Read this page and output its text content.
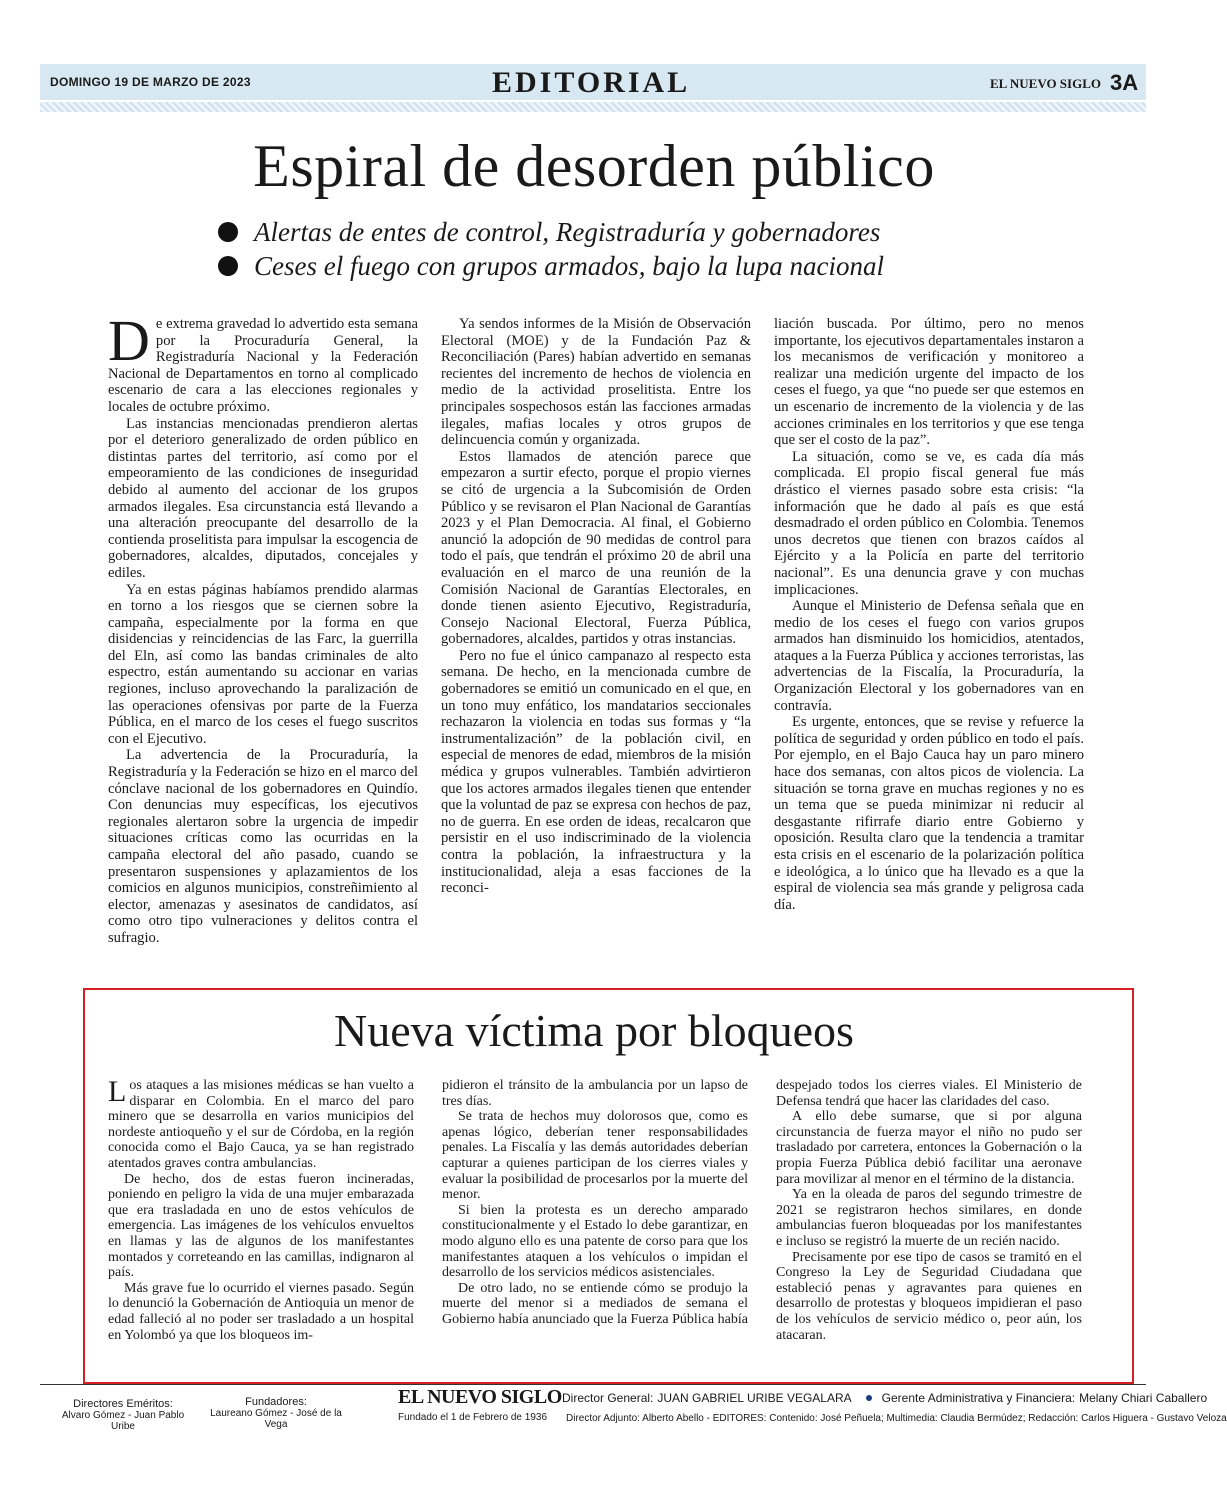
DOMINGO 19 DE MARZO DE 2023	EDITORIAL	EL NUEVO SIGLO 3A
Espiral de desorden público
Alertas de entes de control, Registraduría y gobernadores
Ceses el fuego con grupos armados, bajo la lupa nacional

De extrema gravedad lo advertido esta semana por la Procuraduría General, la Registraduría Nacional y la Federación Nacional de Departamentos en torno al complicado escenario de cara a las elecciones regionales y locales de octubre próximo.

Las instancias mencionadas prendieron alertas por el deterioro generalizado de orden público en distintas partes del territorio, así como por el empeoramiento de las condiciones de inseguridad debido al aumento del accionar de los grupos armados ilegales. Esa circunstancia está llevando a una alteración preocupante del desarrollo de la contienda proselitista para impulsar la escogencia de gobernadores, alcaldes, diputados, concejales y ediles.

Ya en estas páginas habíamos prendido alarmas en torno a los riesgos que se ciernen sobre la campaña, especialmente por la forma en que disidencias y reincidencias de las Farc, la guerrilla del Eln, así como las bandas criminales de alto espectro, están aumentando su accionar en varias regiones, incluso aprovechando la paralización de las operaciones ofensivas por parte de la Fuerza Pública, en el marco de los ceses el fuego suscritos con el Ejecutivo.

La advertencia de la Procuraduría, la Registraduría y la Federación se hizo en el marco del cónclave nacional de los gobernadores en Quindío. Con denuncias muy específicas, los ejecutivos regionales alertaron sobre la urgencia de impedir situaciones críticas como las ocurridas en la campaña electoral del año pasado, cuando se presentaron suspensiones y aplazamientos de los comicios en algunos municipios, constreñimiento al elector, amenazas y asesinatos de candidatos, así como otro tipo vulneraciones y delitos contra el sufragio.

Ya sendos informes de la Misión de Observación Electoral (MOE) y de la Fundación Paz & Reconciliación (Pares) habían advertido en semanas recientes del incremento de hechos de violencia en medio de la actividad proselitista. Entre los principales sospechosos están las facciones armadas ilegales, mafias locales y otros grupos de delincuencia común y organizada.

Estos llamados de atención parece que empezaron a surtir efecto, porque el propio viernes se citó de urgencia a la Subcomisión de Orden Público y se revisaron el Plan Nacional de Garantías 2023 y el Plan Democracia. Al final, el Gobierno anunció la adopción de 90 medidas de control para todo el país, que tendrán el próximo 20 de abril una evaluación en el marco de una reunión de la Comisión Nacional de Garantías Electorales, en donde tienen asiento Ejecutivo, Registraduría, Consejo Nacional Electoral, Fuerza Pública, gobernadores, alcaldes, partidos y otras instancias.

Pero no fue el único campanazo al respecto esta semana. De hecho, en la mencionada cumbre de gobernadores se emitió un comunicado en el que, en un tono muy enfático, los mandatarios seccionales rechazaron la violencia en todas sus formas y “la instrumentalización” de la población civil, en especial de menores de edad, miembros de la misión médica y grupos vulnerables. También advirtieron que los actores armados ilegales tienen que entender que la voluntad de paz se expresa con hechos de paz, no de guerra. En ese orden de ideas, recalcaron que persistir en el uso indiscriminado de la violencia contra la población, la infraestructura y la institucionalidad, aleja a esas facciones de la reconci-

liación buscada. Por último, pero no menos importante, los ejecutivos departamentales instaron a los mecanismos de verificación y monitoreo a realizar una medición urgente del impacto de los ceses el fuego, ya que “no puede ser que estemos en un escenario de incremento de la violencia y de las acciones criminales en los territorios y que ese tenga que ser el costo de la paz”.

La situación, como se ve, es cada día más complicada. El propio fiscal general fue más drástico el viernes pasado sobre esta crisis: “la información que he dado al país es que está desmadrado el orden público en Colombia. Tenemos unos decretos que tienen con brazos caídos al Ejército y a la Policía en parte del territorio nacional”. Es una denuncia grave y con muchas implicaciones.

Aunque el Ministerio de Defensa señala que en medio de los ceses el fuego con varios grupos armados han disminuido los homicidios, atentados, ataques a la Fuerza Pública y acciones terroristas, las advertencias de la Fiscalía, la Procuraduría, la Organización Electoral y los gobernadores van en contravía.

Es urgente, entonces, que se revise y refuerce la política de seguridad y orden público en todo el país. Por ejemplo, en el Bajo Cauca hay un paro minero hace dos semanas, con altos picos de violencia. La situación se torna grave en muchas regiones y no es un tema que se pueda minimizar ni reducir al desgastante rifirrafe diario entre Gobierno y oposición. Resulta claro que la tendencia a tramitar esta crisis en el escenario de la polarización política e ideológica, a lo único que ha llevado es a que la espiral de violencia sea más grande y peligrosa cada día.

Nueva víctima por bloqueos

Los ataques a las misiones médicas se han vuelto a disparar en Colombia. En el marco del paro minero que se desarrolla en varios municipios del nordeste antioqueño y el sur de Córdoba, en la región conocida como el Bajo Cauca, ya se han registrado atentados graves contra ambulancias.

De hecho, dos de estas fueron incineradas, poniendo en peligro la vida de una mujer embarazada que era trasladada en uno de estos vehículos de emergencia. Las imágenes de los vehículos envueltos en llamas y las de algunos de los manifestantes montados y correteando en las camillas, indignaron al país.

Más grave fue lo ocurrido el viernes pasado. Según lo denunció la Gobernación de Antioquia un menor de edad falleció al no poder ser trasladado a un hospital en Yolombó ya que los bloqueos im-

pidieron el tránsito de la ambulancia por un lapso de tres días.

Se trata de hechos muy dolorosos que, como es apenas lógico, deberían tener responsabilidades penales. La Fiscalía y las demás autoridades deberían capturar a quienes participan de los cierres viales y evaluar la posibilidad de procesarlos por la muerte del menor.

Si bien la protesta es un derecho amparado constitucionalmente y el Estado lo debe garantizar, en modo alguno ello es una patente de corso para que los manifestantes ataquen a los vehículos o impidan el desarrollo de los servicios médicos asistenciales.

De otro lado, no se entiende cómo se produjo la muerte del menor si a mediados de semana el Gobierno había anunciado que la Fuerza Pública había

despejado todos los cierres viales. El Ministerio de Defensa tendrá que hacer las claridades del caso.

A ello debe sumarse, que si por alguna circunstancia de fuerza mayor el niño no pudo ser trasladado por carretera, entonces la Gobernación o la propia Fuerza Pública debió facilitar una aeronave para movilizar al menor en el término de la distancia.

Ya en la oleada de paros del segundo trimestre de 2021 se registraron hechos similares, en donde ambulancias fueron bloqueadas por los manifestantes e incluso se registró la muerte de un recién nacido.

Precisamente por ese tipo de casos se tramitó en el Congreso la Ley de Seguridad Ciudadana que estableció penas y agravantes para quienes en desarrollo de protestas y bloqueos impidieran el paso de los vehículos de servicio médico o, peor aún, los atacaran.

Directores Eméritos:
Alvaro Gómez - Juan Pablo Uribe
Fundadores:
Laureano Gómez - José de la Vega
EL NUEVO SIGLO
Fundado el 1 de Febrero de 1936
Director General: JUAN GABRIEL URIBE VEGALARA	Gerente Administrativa y Financiera: Melany Chiari Caballero
Director Adjunto: Alberto Abello - EDITORES: Contenido: José Peñuela; Multimedia: Claudia Bermúdez; Redacción: Carlos Higuera - Gustavo Veloza
